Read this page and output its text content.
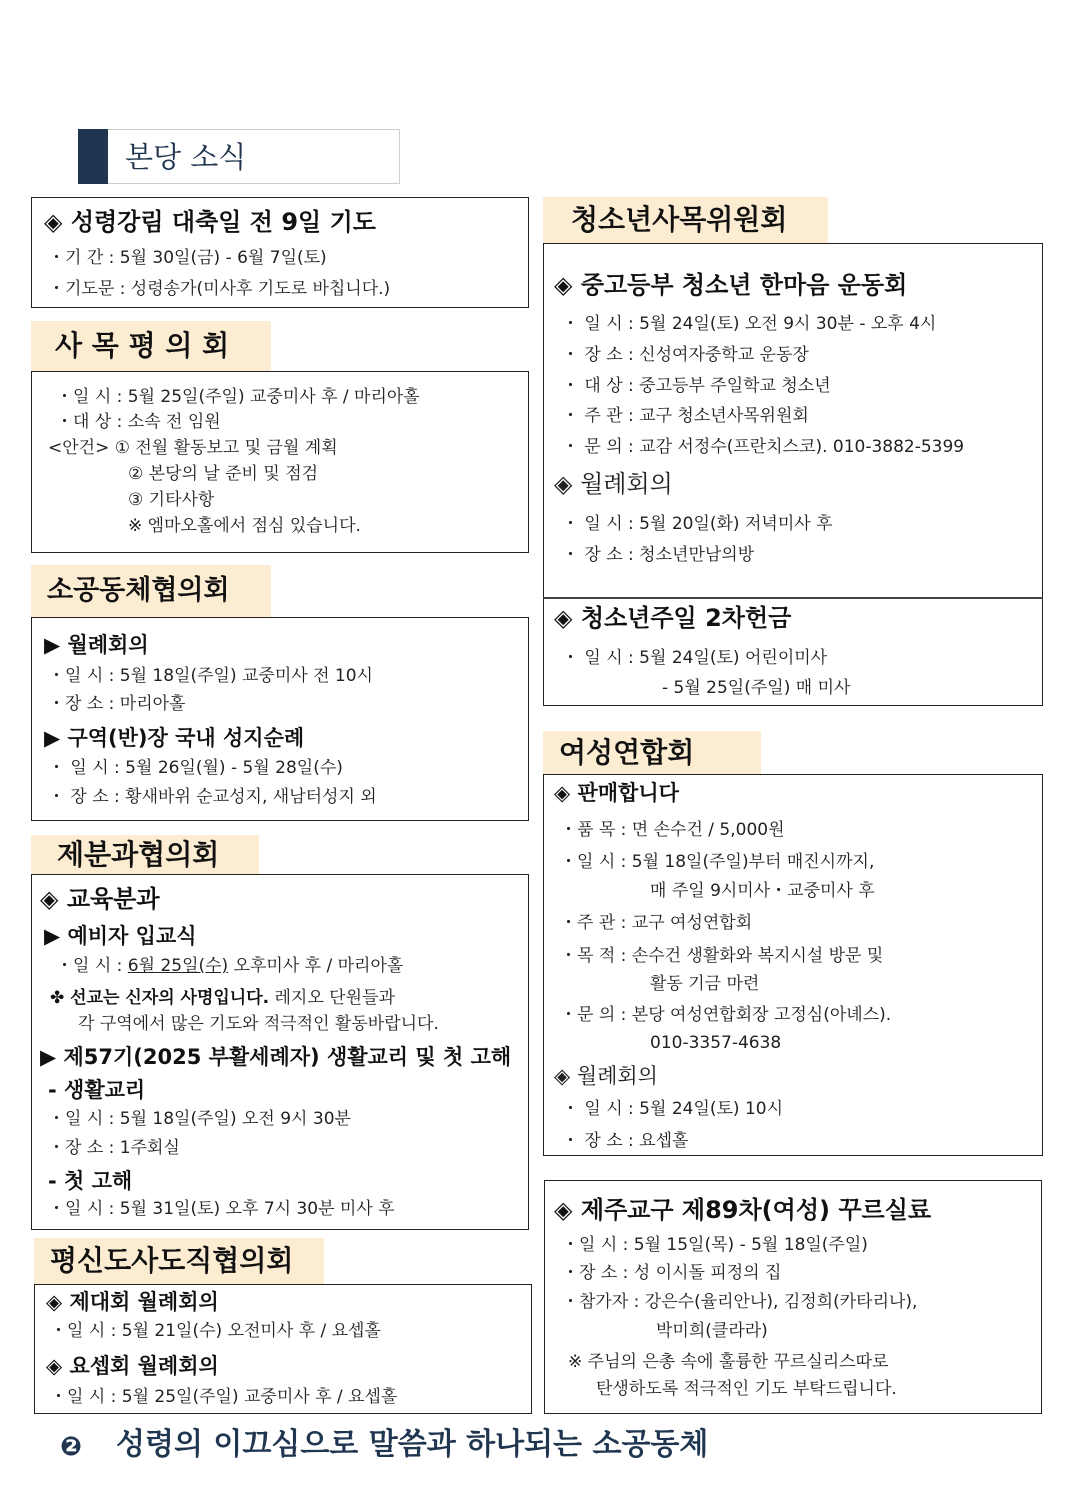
본당 소식
◈ 성령강림 대축일 전 9일 기도
・기 간 : 5월 30일(금) - 6월 7일(토)
・기도문 : 성령송가(미사후 기도로 바칩니다.)
사 목 평 의 회
・일 시 : 5월 25일(주일) 교중미사 후 / 마리아홀
・대 상 : 소속 전 임원
<안건> ① 전월 활동보고 및 금월 계획
② 본당의 날 준비 및 점검
③ 기타사항
※ 엠마오홀에서 점심 있습니다.
소공동체협의회
▶ 월례회의
・일 시 : 5월 18일(주일) 교중미사 전 10시
・장 소 : 마리아홀
▶ 구역(반)장 국내 성지순례
・ 일 시 : 5월 26일(월) - 5월 28일(수)
・ 장 소 : 황새바위 순교성지, 새남터성지 외
제분과협의회
◈ 교육분과
▶ 예비자 입교식
・일 시 : 6월 25일(수) 오후미사 후 / 마리아홀
✤ 선교는 신자의 사명입니다. 레지오 단원들과
각 구역에서 많은 기도와 적극적인 활동바랍니다.
▶ 제57기(2025 부활세례자) 생활교리 및 첫 고해
- 생활교리
・일 시 : 5월 18일(주일) 오전 9시 30분
・장 소 : 1주회실
- 첫 고해
・일 시 : 5월 31일(토) 오후 7시 30분 미사 후
평신도사도직협의회
◈ 제대회 월례회의
・일 시 : 5월 21일(수) 오전미사 후 / 요셉홀
◈ 요셉회 월례회의
・일 시 : 5월 25일(주일) 교중미사 후 / 요셉홀
청소년사목위원회
◈ 중고등부 청소년 한마음 운동회
・ 일 시 : 5월 24일(토) 오전 9시 30분 - 오후 4시
・ 장 소 : 신성여자중학교 운동장
・ 대 상 : 중고등부 주일학교 청소년
・ 주 관 : 교구 청소년사목위원회
・ 문 의 : 교감 서정수(프란치스코). 010-3882-5399
◈ 월례회의
・ 일 시 : 5월 20일(화) 저녁미사 후
・ 장 소 : 청소년만남의방
◈ 청소년주일 2차헌금
・ 일 시 : 5월 24일(토) 어린이미사
- 5월 25일(주일) 매 미사
여성연합회
◈ 판매합니다
・품 목 : 면 손수건 / 5,000원
・일 시 : 5월 18일(주일)부터 매진시까지,
매 주일 9시미사・교중미사 후
・주 관 : 교구 여성연합회
・목 적 : 손수건 생활화와 복지시설 방문 및
활동 기금 마련
・문 의 : 본당 여성연합회장 고정심(아녜스).
010-3357-4638
◈ 월례회의
・ 일 시 : 5월 24일(토) 10시
・ 장 소 : 요셉홀
◈ 제주교구 제89차(여성) 꾸르실료
・일 시 : 5월 15일(목) - 5월 18일(주일)
・장 소 : 성 이시돌 피정의 집
・참가자 : 강은수(율리안나), 김정희(카타리나),
박미희(클라라)
※ 주님의 은총 속에 훌륭한 꾸르실리스따로
탄생하도록 적극적인 기도 부탁드립니다.
❷ 성령의 이끄심으로 말씀과 하나되는 소공동체
